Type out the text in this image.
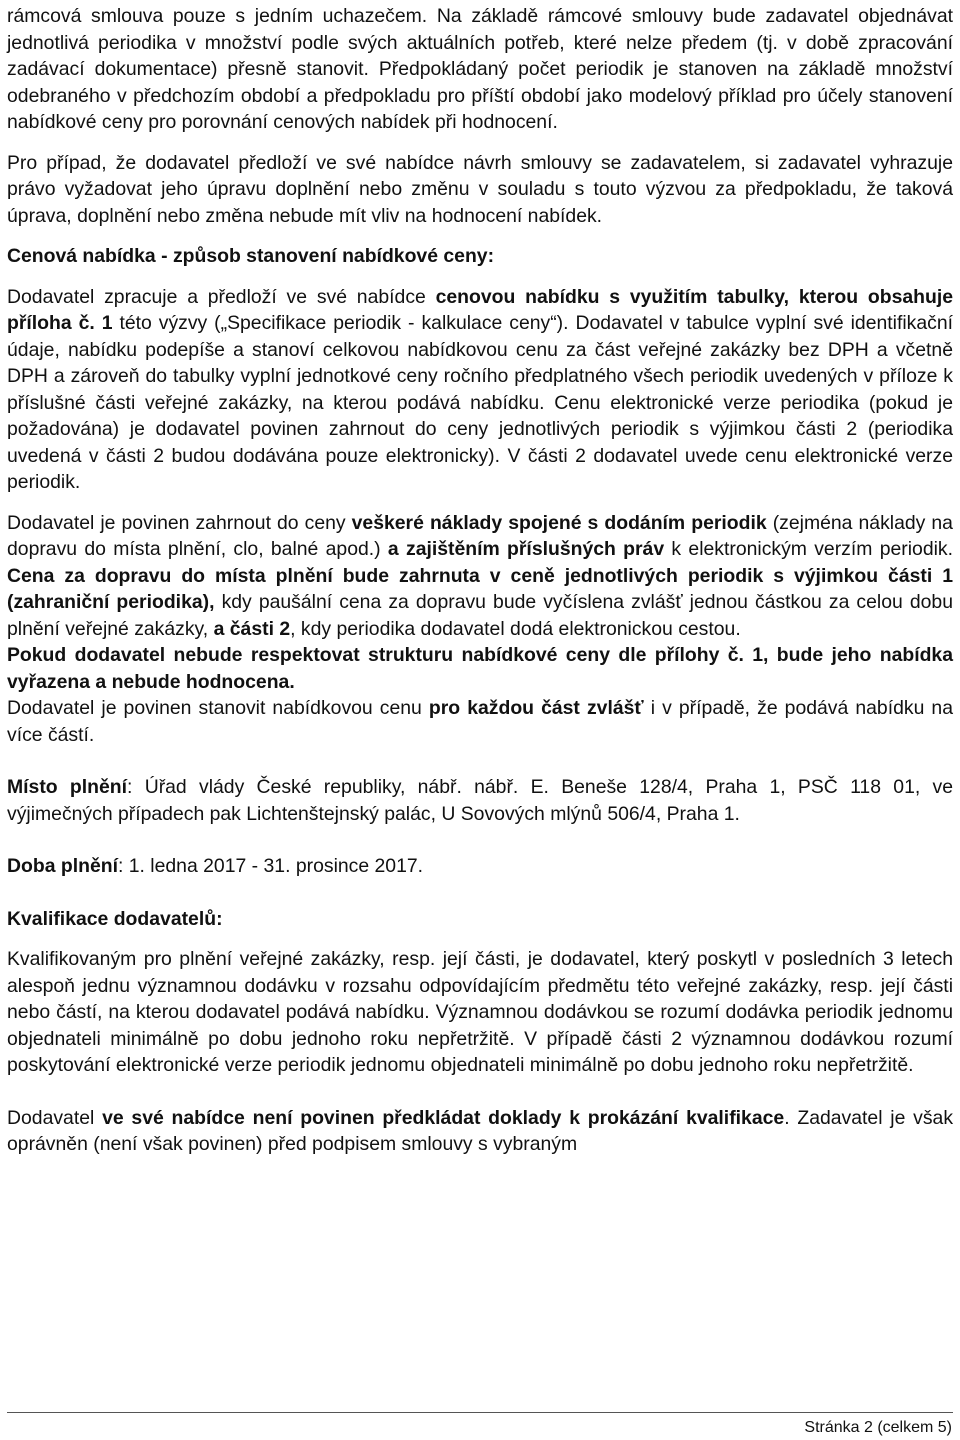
rámcová smlouva pouze s jedním uchazečem. Na základě rámcové smlouvy bude zadavatel objednávat jednotlivá periodika v množství podle svých aktuálních potřeb, které nelze předem (tj. v době zpracování zadávací dokumentace) přesně stanovit. Předpokládaný počet periodik je stanoven na základě množství odebraného v předchozím období a předpokladu pro příští období jako modelový příklad pro účely stanovení nabídkové ceny pro porovnání cenových nabídek při hodnocení.

Pro případ, že dodavatel předloží ve své nabídce návrh smlouvy se zadavatelem, si zadavatel vyhrazuje právo vyžadovat jeho úpravu doplnění nebo změnu v souladu s touto výzvou za předpokladu, že taková úprava, doplnění nebo změna nebude mít vliv na hodnocení nabídek.

Cenová nabídka - způsob stanovení nabídkové ceny:

Dodavatel zpracuje a předloží ve své nabídce cenovou nabídku s využitím tabulky, kterou obsahuje příloha č. 1 této výzvy („Specifikace periodik - kalkulace ceny“). Dodavatel v tabulce vyplní své identifikační údaje, nabídku podepíše a stanoví celkovou nabídkovou cenu za část veřejné zakázky bez DPH a včetně DPH a zároveň do tabulky vyplní jednotkové ceny ročního předplatného všech periodik uvedených v příloze k příslušné části veřejné zakázky, na kterou podává nabídku. Cenu elektronické verze periodika (pokud je požadována) je dodavatel povinen zahrnout do ceny jednotlivých periodik s výjimkou části 2 (periodika uvedená v části 2 budou dodávána pouze elektronicky). V části 2 dodavatel uvede cenu elektronické verze periodik.

Dodavatel je povinen zahrnout do ceny veškeré náklady spojené s dodáním periodik (zejména náklady na dopravu do místa plnění, clo, balné apod.) a zajištěním příslušných práv k elektronickým verzím periodik. Cena za dopravu do místa plnění bude zahrnuta v ceně jednotlivých periodik s výjimkou části 1 (zahraniční periodika), kdy paušální cena za dopravu bude vyčíslena zvlášť jednou částkou za celou dobu plnění veřejné zakázky, a části 2, kdy periodika dodavatel dodá elektronickou cestou.
Pokud dodavatel nebude respektovat strukturu nabídkové ceny dle přílohy č. 1, bude jeho nabídka vyřazena a nebude hodnocena.
Dodavatel je povinen stanovit nabídkovou cenu pro každou část zvlášť i v případě, že podává nabídku na více částí.

Místo plnění: Úřad vlády České republiky, nábř. nábř. E. Beneše 128/4, Praha 1, PSČ 118 01, ve výjimečných případech pak Lichtenštejnský palác, U Sovových mlýnů 506/4, Praha 1.

Doba plnění: 1. ledna 2017 - 31. prosince 2017.

Kvalifikace dodavatelů:

Kvalifikovaným pro plnění veřejné zakázky, resp. její části, je dodavatel, který poskytl v posledních 3 letech alespoň jednu významnou dodávku v rozsahu odpovídajícím předmětu této veřejné zakázky, resp. její části nebo částí, na kterou dodavatel podává nabídku. Významnou dodávkou se rozumí dodávka periodik jednomu objednateli minimálně po dobu jednoho roku nepřetržitě. V případě části 2 významnou dodávkou rozumí poskytování elektronické verze periodik jednomu objednateli minimálně po dobu jednoho roku nepřetržitě.

Dodavatel ve své nabídce není povinen předkládat doklady k prokázání kvalifikace. Zadavatel je však oprávněn (není však povinen) před podpisem smlouvy s vybraným

Stránka 2 (celkem 5)
